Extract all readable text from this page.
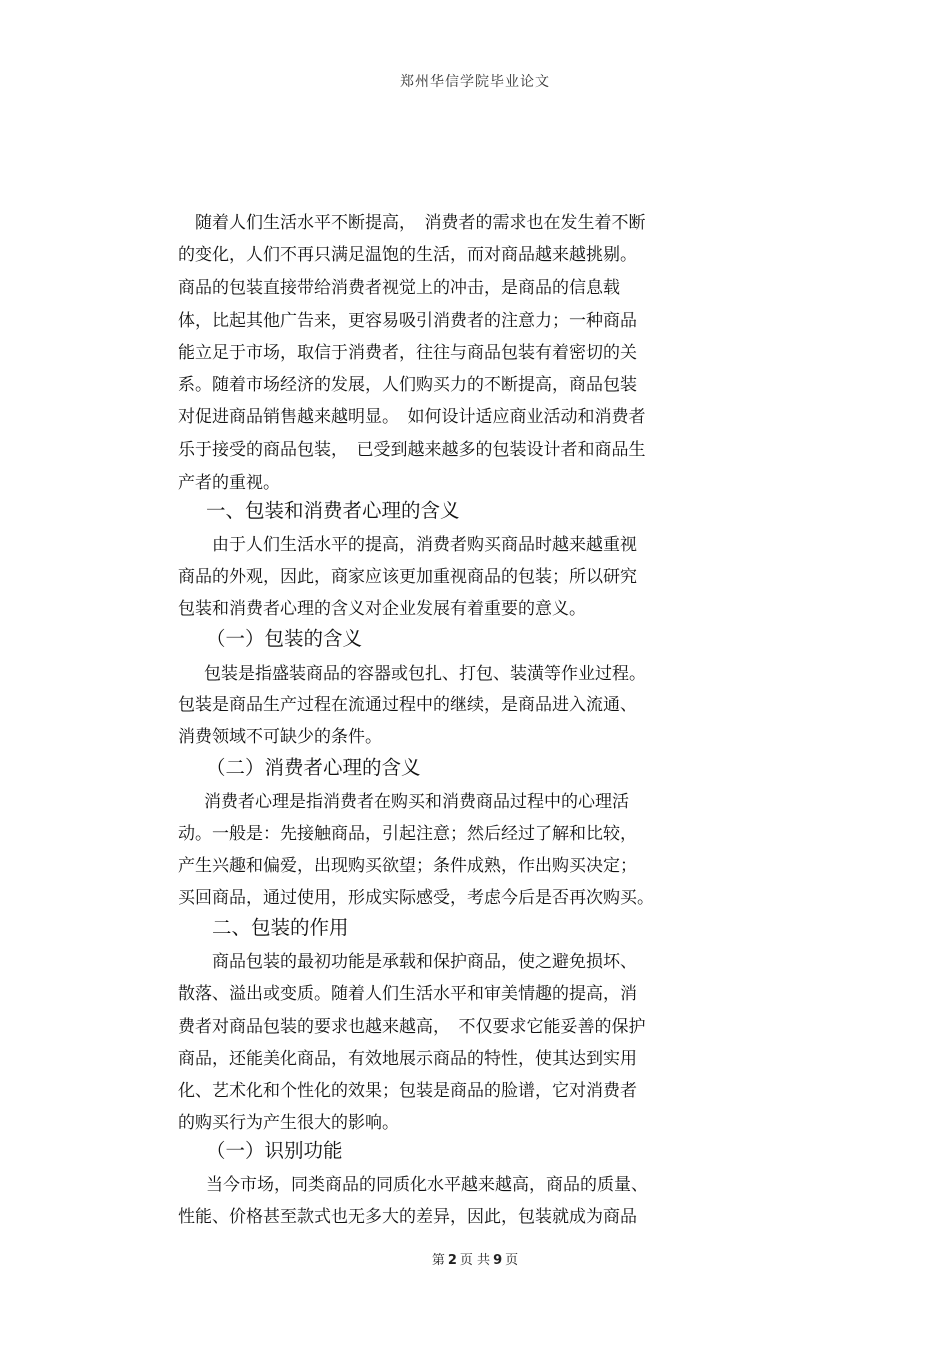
郑州华信学院毕业论文
随着人们生活水平不断提高，　消费者的需求也在发生着不断
的变化，人们不再只满足温饱的生活，而对商品越来越挑剔。
商品的包装直接带给消费者视觉上的冲击，是商品的信息载
体，比起其他广告来，更容易吸引消费者的注意力；一种商品
能立足于市场，取信于消费者，往往与商品包装有着密切的关
系。随着市场经济的发展，人们购买力的不断提高，商品包装
对促进商品销售越来越明显。　如何设计适应商业活动和消费者
乐于接受的商品包装，　已受到越来越多的包装设计者和商品生
产者的重视。
一、包装和消费者心理的含义
由于人们生活水平的提高，消费者购买商品时越来越重视
商品的外观，因此，商家应该更加重视商品的包装；所以研究
包装和消费者心理的含义对企业发展有着重要的意义。
（一）包装的含义
包装是指盛装商品的容器或包扎、打包、装潢等作业过程。
包装是商品生产过程在流通过程中的继续，是商品进入流通、
消费领域不可缺少的条件。
（二）消费者心理的含义
消费者心理是指消费者在购买和消费商品过程中的心理活
动。一般是：先接触商品，引起注意；然后经过了解和比较，
产生兴趣和偏爱，出现购买欲望；条件成熟，作出购买决定；
买回商品，通过使用，形成实际感受，考虑今后是否再次购买。
二、包装的作用
商品包装的最初功能是承载和保护商品，使之避免损坏、
散落、溢出或变质。随着人们生活水平和审美情趣的提高，消
费者对商品包装的要求也越来越高，　不仅要求它能妥善的保护
商品，还能美化商品，有效地展示商品的特性，使其达到实用
化、艺术化和个性化的效果；包装是商品的脸谱，它对消费者
的购买行为产生很大的影响。
（一）识别功能
当今市场，同类商品的同质化水平越来越高，商品的质量、
性能、价格甚至款式也无多大的差异，因此，包装就成为商品
第 2 页 共 9 页
